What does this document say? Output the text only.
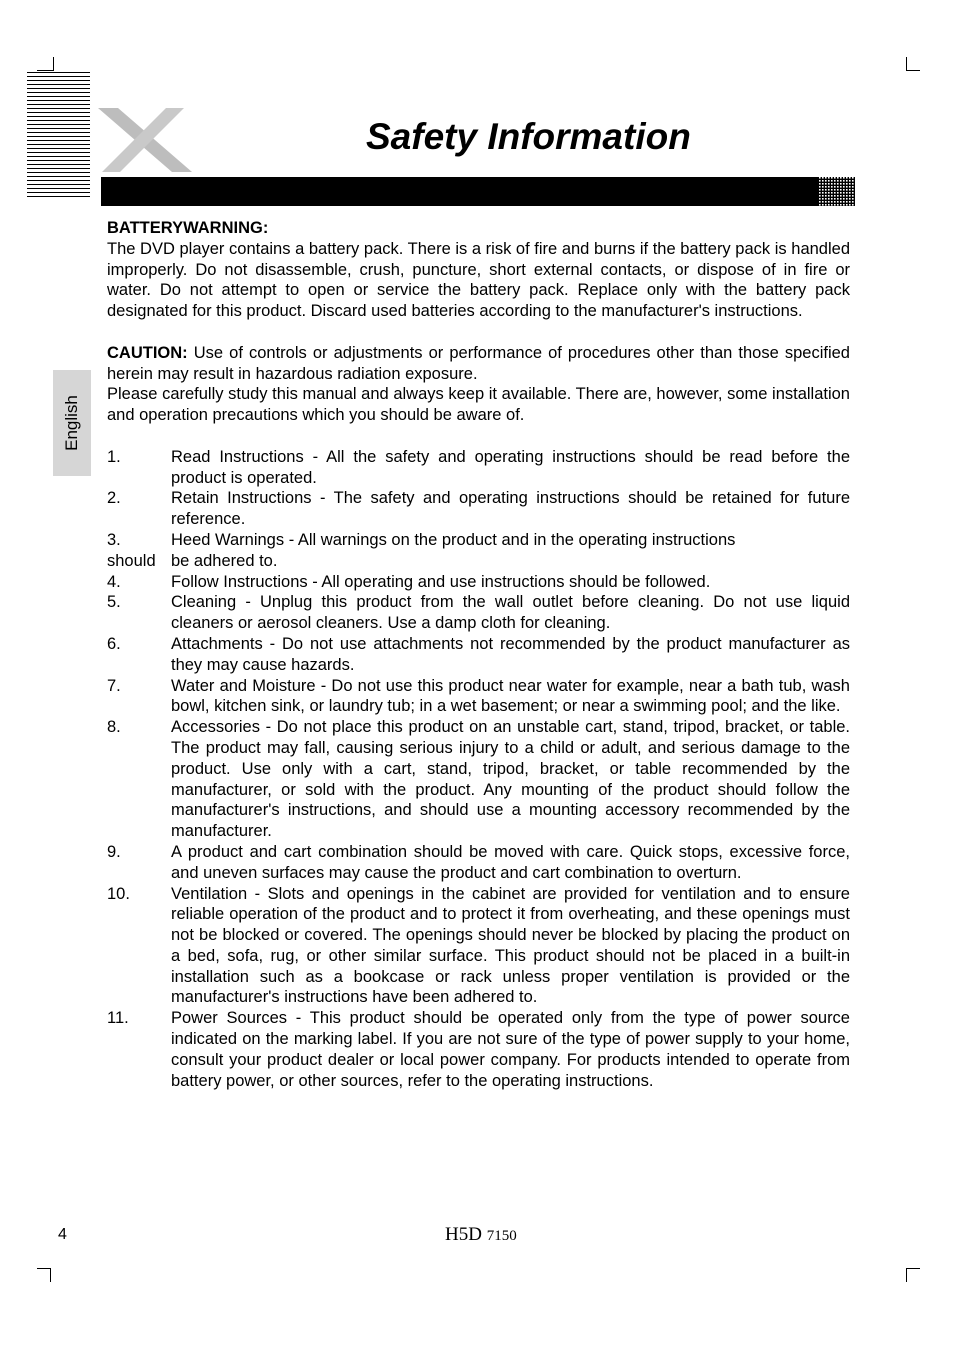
Safety Information
English

BATTERYWARNING:

The DVD player contains a battery pack. There is a risk of fire and burns if the battery pack is handled improperly. Do not disassemble, crush, puncture, short external contacts, or dispose of in fire or water. Do not attempt to open or service the battery pack. Replace only with the battery pack designated for this product. Discard used batteries according to the manufacturer's instructions.

CAUTION: Use of controls or adjustments or performance of procedures other than those specified herein may result in hazardous radiation exposure.

Please carefully study this manual and always keep it available. There are, however, some installation and operation precautions which you should be aware of.

1.	Read Instructions - All the safety and operating instructions should be read before the product is operated.
2.	Retain Instructions - The safety and operating instructions should be retained for future reference.
3.	Heed Warnings - All warnings on the product and in the operating instructions
should be adhered to.
4.	Follow Instructions - All operating and use instructions should be followed.
5.	Cleaning - Unplug this product from the wall outlet before cleaning. Do not use liquid cleaners or aerosol cleaners. Use a damp cloth for cleaning.
6.	Attachments - Do not use attachments not recommended by the product manufacturer as they may cause hazards.
7.	Water and Moisture - Do not use this product near water for example, near a bath tub, wash bowl, kitchen sink, or laundry tub; in a wet basement; or near a swimming pool; and the like.
8.	Accessories - Do not place this product on an unstable cart, stand, tripod, bracket, or table. The product may fall, causing serious injury to a child or adult, and serious damage to the product. Use only with a cart, stand, tripod, bracket, or table recommended by the manufacturer, or sold with the product. Any mounting of the product should follow the manufacturer's instructions, and should use a mounting accessory recommended by the manufacturer.
9.	A product and cart combination should be moved with care. Quick stops, excessive force, and uneven surfaces may cause the product and cart combination to overturn.
10.	Ventilation - Slots and openings in the cabinet are provided for ventilation and to ensure reliable operation of the product and to protect it from overheating, and these openings must not be blocked or covered. The openings should never be blocked by placing the product on a bed, sofa, rug, or other similar surface. This product should not be placed in a built-in installation such as a bookcase or rack unless proper ventilation is provided or the manufacturer's instructions have been adhered to.
11.	Power Sources - This product should be operated only from the type of power source indicated on the marking label. If you are not sure of the type of power supply to your home, consult your product dealer or local power company. For products intended to operate from battery power, or other sources, refer to the operating instructions.
4	H5D 7150
